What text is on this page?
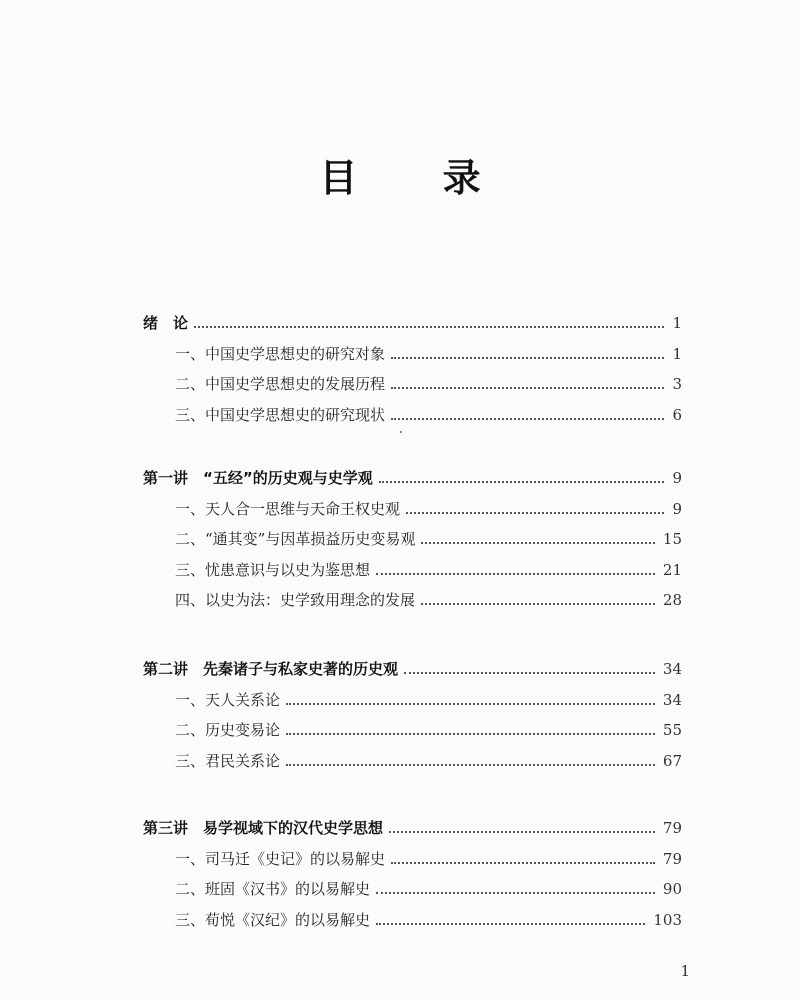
目 录
绪　论	1
一、中国史学思想史的研究对象	1
二、中国史学思想史的发展历程	3
三、中国史学思想史的研究现状	6
第一讲　“五经”的历史观与史学观	9
一、天人合一思维与天命王权史观	9
二、“通其变”与因革损益历史变易观	15
三、忧患意识与以史为鉴思想	21
四、以史为法：史学致用理念的发展	28
第二讲　先秦诸子与私家史著的历史观	34
一、天人关系论	34
二、历史变易论	55
三、君民关系论	67
第三讲　易学视域下的汉代史学思想	79
一、司马迁《史记》的以易解史	79
二、班固《汉书》的以易解史	90
三、荀悦《汉纪》的以易解史	103
1
